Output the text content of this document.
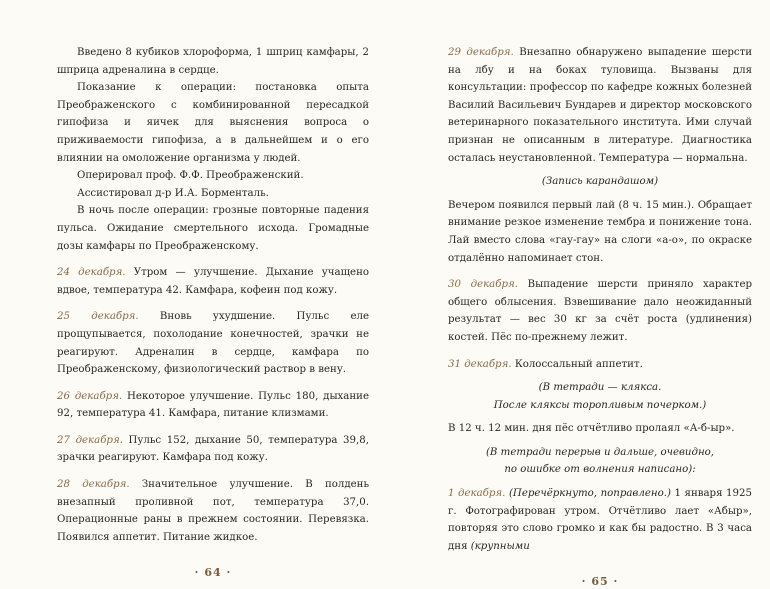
Введено 8 кубиков хлороформа, 1 шприц камфары, 2 шприца адреналина в сердце.

Показание к операции: постановка опыта Преображенского с комбинированной пересадкой гипофиза и яичек для выяснения вопроса о приживаемости гипофиза, а в дальнейшем и о его влиянии на омоложение организма у людей.

Оперировал проф. Ф.Ф. Преображенский.

Ассистировал д-р И.А. Борменталь.

В ночь после операции: грозные повторные падения пульса. Ожидание смертельного исхода. Громадные дозы камфары по Преображенскому.

24 декабря. Утром — улучшение. Дыхание учащено вдвое, температура 42. Камфара, кофеин под кожу.

25 декабря. Вновь ухудшение. Пульс еле прощупывается, похолодание конечностей, зрачки не реагируют. Адреналин в сердце, камфара по Преображенскому, физиологический раствор в вену.

26 декабря. Некоторое улучшение. Пульс 180, дыхание 92, температура 41. Камфара, питание клизмами.

27 декабря. Пульс 152, дыхание 50, температура 39,8, зрачки реагируют. Камфара под кожу.

28 декабря. Значительное улучшение. В полдень внезапный проливной пот, температура 37,0. Операционные раны в прежнем состоянии. Перевязка. Появился аппетит. Питание жидкое.

· 64 ·

29 декабря. Внезапно обнаружено выпадение шерсти на лбу и на боках туловища. Вызваны для консультации: профессор по кафедре кожных болезней Василий Васильевич Бундарев и директор московского ветеринарного показательного института. Ими случай признан не описанным в литературе. Диагностика осталась неустановленной. Температура — нормальна.

(Запись карандашом)

Вечером появился первый лай (8 ч. 15 мин.). Обращает внимание резкое изменение тембра и понижение тона. Лай вместо слова «гау-гау» на слоги «а-о», по окраске отдалённо напоминает стон.

30 декабря. Выпадение шерсти приняло характер общего облысения. Взвешивание дало неожиданный результат — вес 30 кг за счёт роста (удлинения) костей. Пёс по-прежнему лежит.

31 декабря. Колоссальный аппетит.

(В тетради — клякса.
После кляксы торопливым почерком.)

В 12 ч. 12 мин. дня пёс отчётливо пролаял «А-б-ыр».

(В тетради перерыв и дальше, очевидно,
по ошибке от волнения написано):

1 декабря. (Перечёркнуто, поправлено.) 1 января 1925 г. Фотографирован утром. Отчётливо лает «Абыр», повторяя это слово громко и как бы радостно. В 3 часа дня (крупными

· 65 ·
